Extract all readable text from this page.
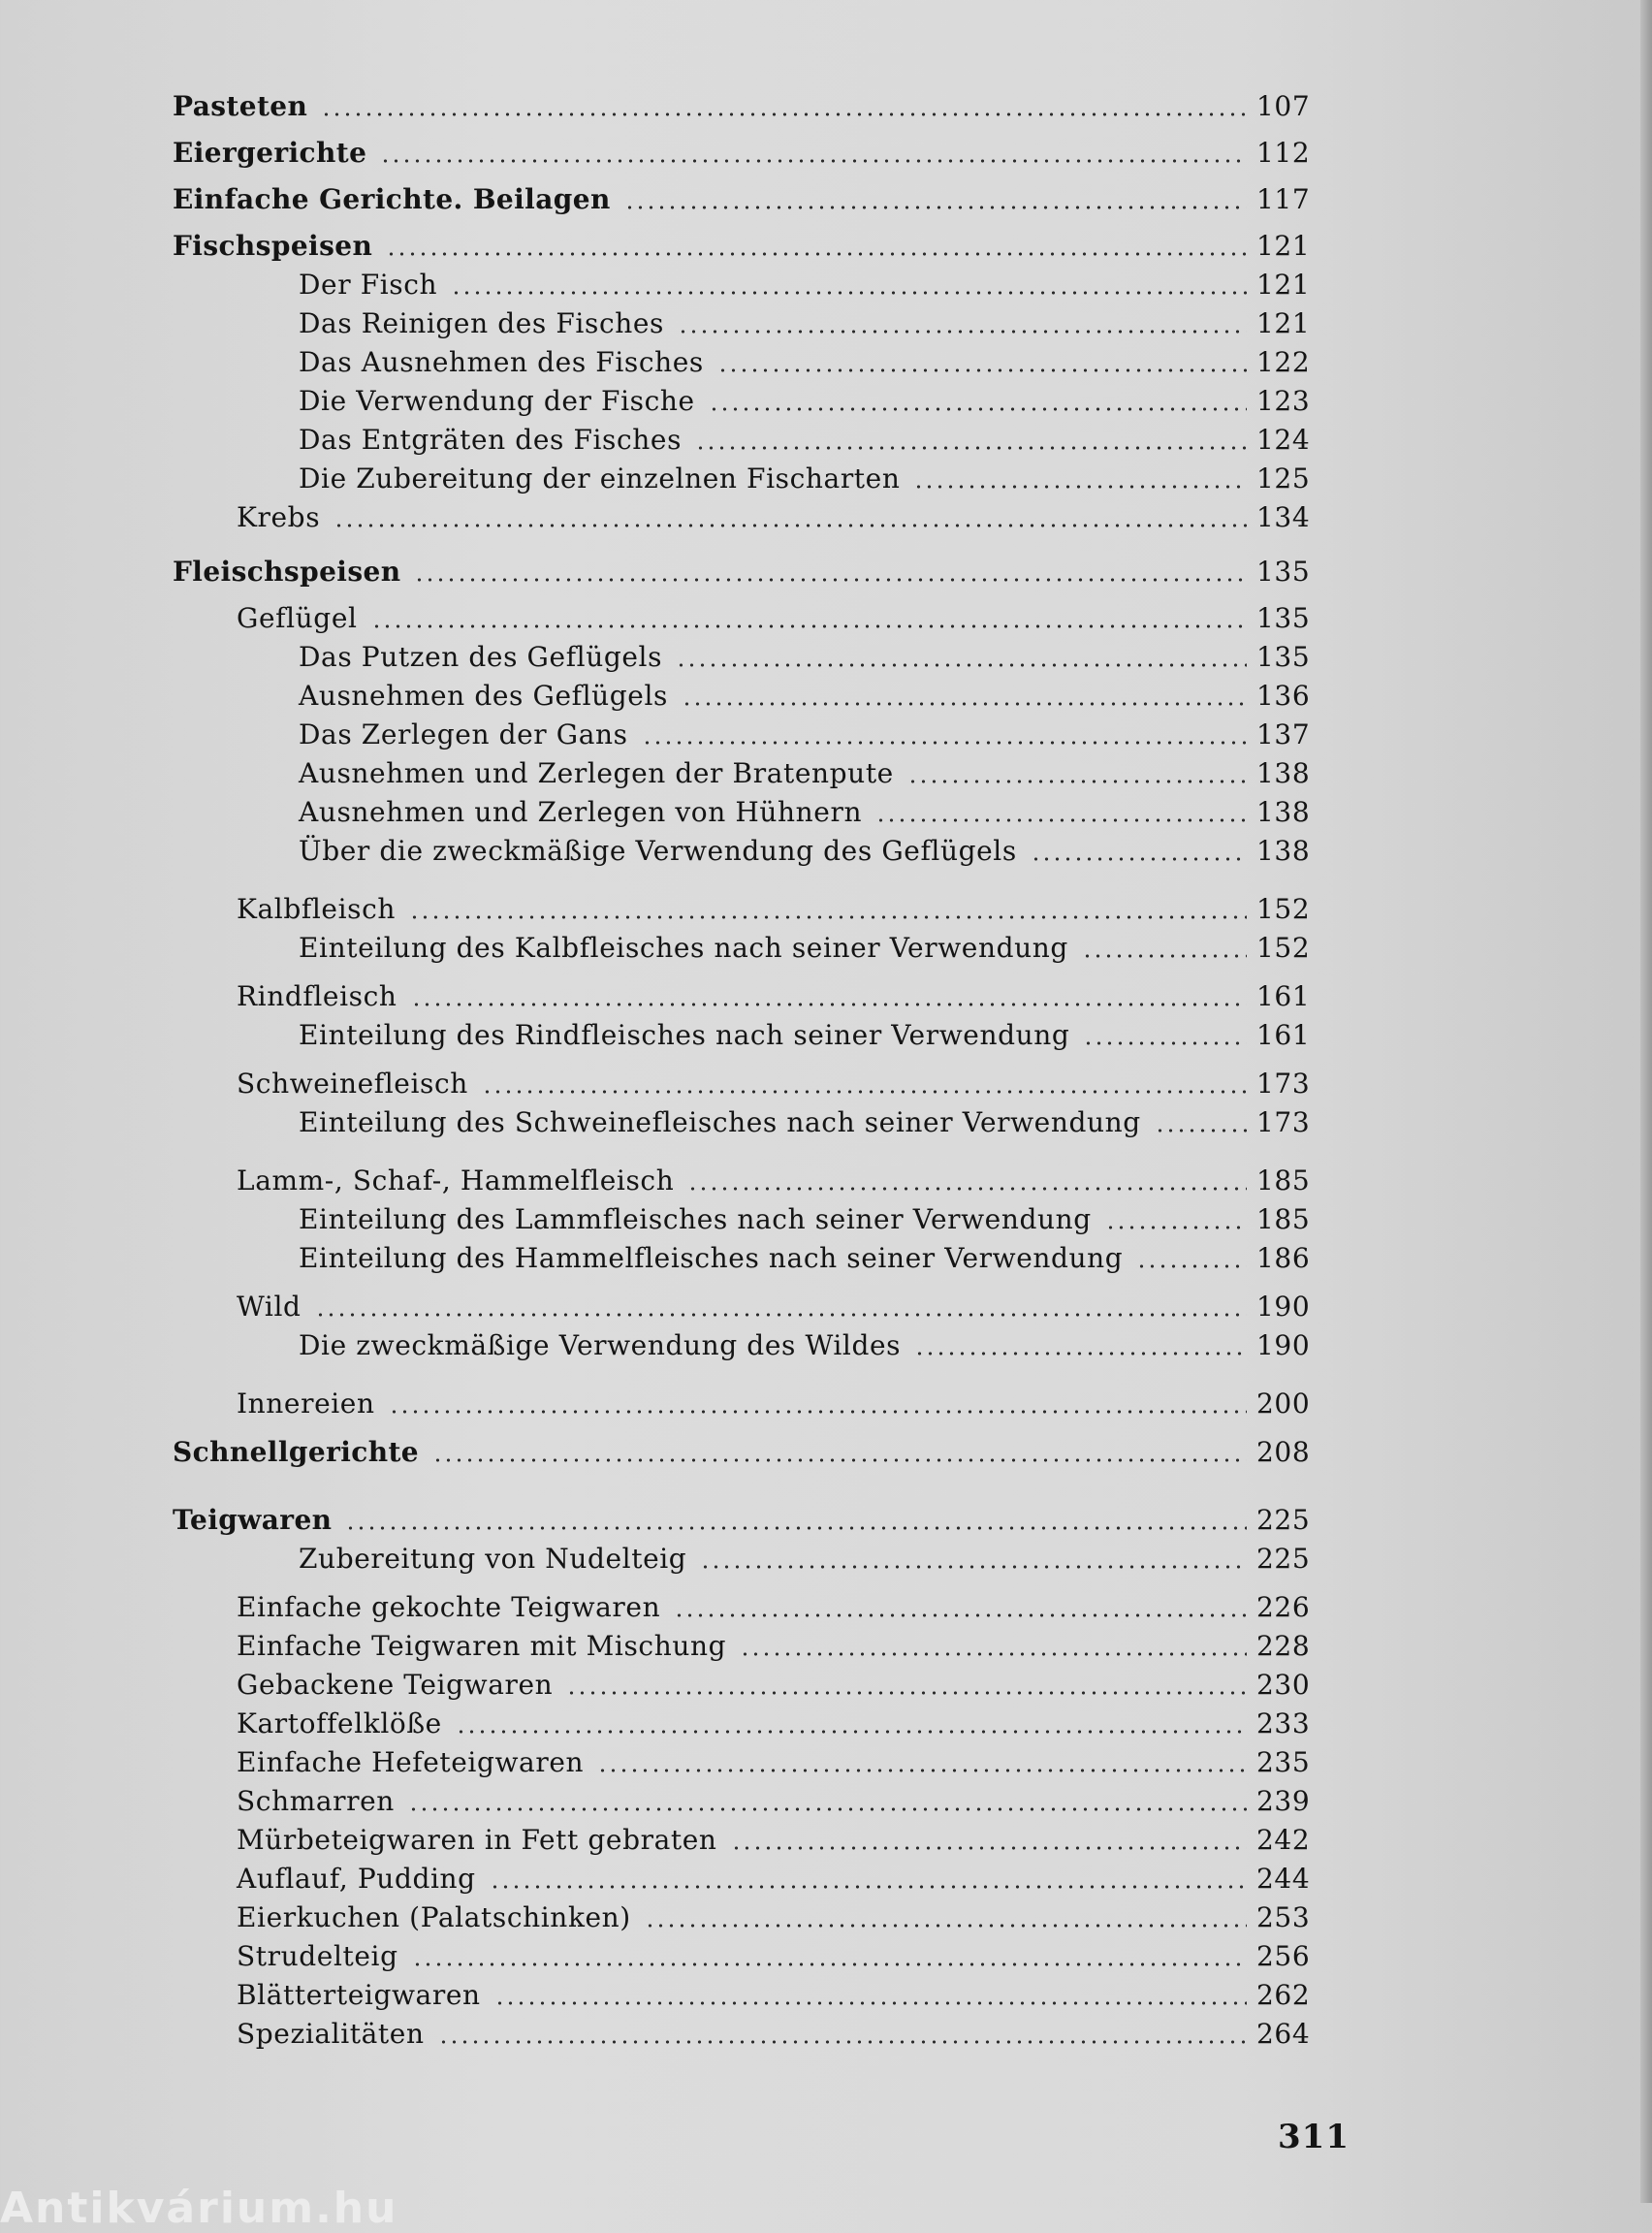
Pasteten	107
Eiergerichte	112
Einfache Gerichte. Beilagen	117
Fischspeisen	121
Der Fisch	121
Das Reinigen des Fisches	121
Das Ausnehmen des Fisches	122
Die Verwendung der Fische	123
Das Entgräten des Fisches	124
Die Zubereitung der einzelnen Fischarten	125
Krebs	134
Fleischspeisen	135
Geflügel	135
Das Putzen des Geflügels	135
Ausnehmen des Geflügels	136
Das Zerlegen der Gans	137
Ausnehmen und Zerlegen der Bratenpute	138
Ausnehmen und Zerlegen von Hühnern	138
Über die zweckmäßige Verwendung des Geflügels	138
Kalbfleisch	152
Einteilung des Kalbfleisches nach seiner Verwendung	152
Rindfleisch	161
Einteilung des Rindfleisches nach seiner Verwendung	161
Schweinefleisch	173
Einteilung des Schweinefleisches nach seiner Verwendung	173
Lamm-, Schaf-, Hammelfleisch	185
Einteilung des Lammfleisches nach seiner Verwendung	185
Einteilung des Hammelfleisches nach seiner Verwendung	186
Wild	190
Die zweckmäßige Verwendung des Wildes	190
Innereien	200
Schnellgerichte	208
Teigwaren	225
Zubereitung von Nudelteig	225
Einfache gekochte Teigwaren	226
Einfache Teigwaren mit Mischung	228
Gebackene Teigwaren	230
Kartoffelklöße	233
Einfache Hefeteigwaren	235
Schmarren	239
Mürbeteigwaren in Fett gebraten	242
Auflauf, Pudding	244
Eierkuchen (Palatschinken)	253
Strudelteig	256
Blätterteigwaren	262
Spezialitäten	264
311
Antikvárium.hu
